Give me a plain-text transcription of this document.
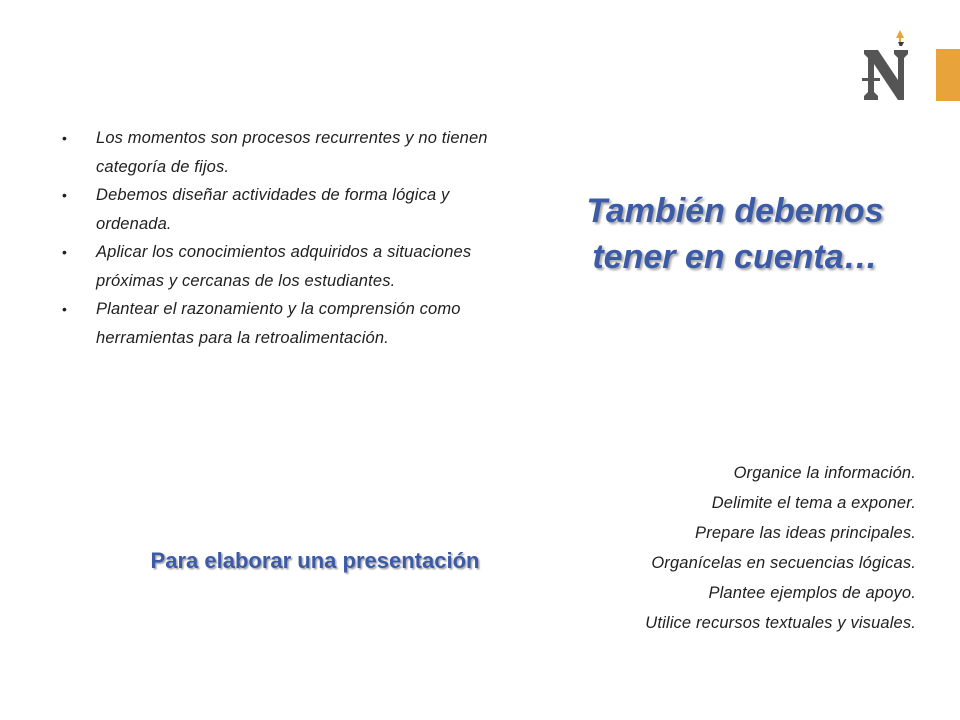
• Los momentos son procesos recurrentes y no tienen categoría de fijos.
• Debemos diseñar actividades de forma lógica y ordenada.
• Aplicar los conocimientos adquiridos a situaciones próximas y cercanas de los estudiantes.
• Plantear el razonamiento y la comprensión como herramientas para la retroalimentación.
También debemos
tener en cuenta…
Para elaborar una presentación
Organice la información.
Delimite el tema a exponer.
Prepare las ideas principales.
Organícelas en secuencias lógicas.
Plantee ejemplos de apoyo.
Utilice recursos textuales y visuales.
